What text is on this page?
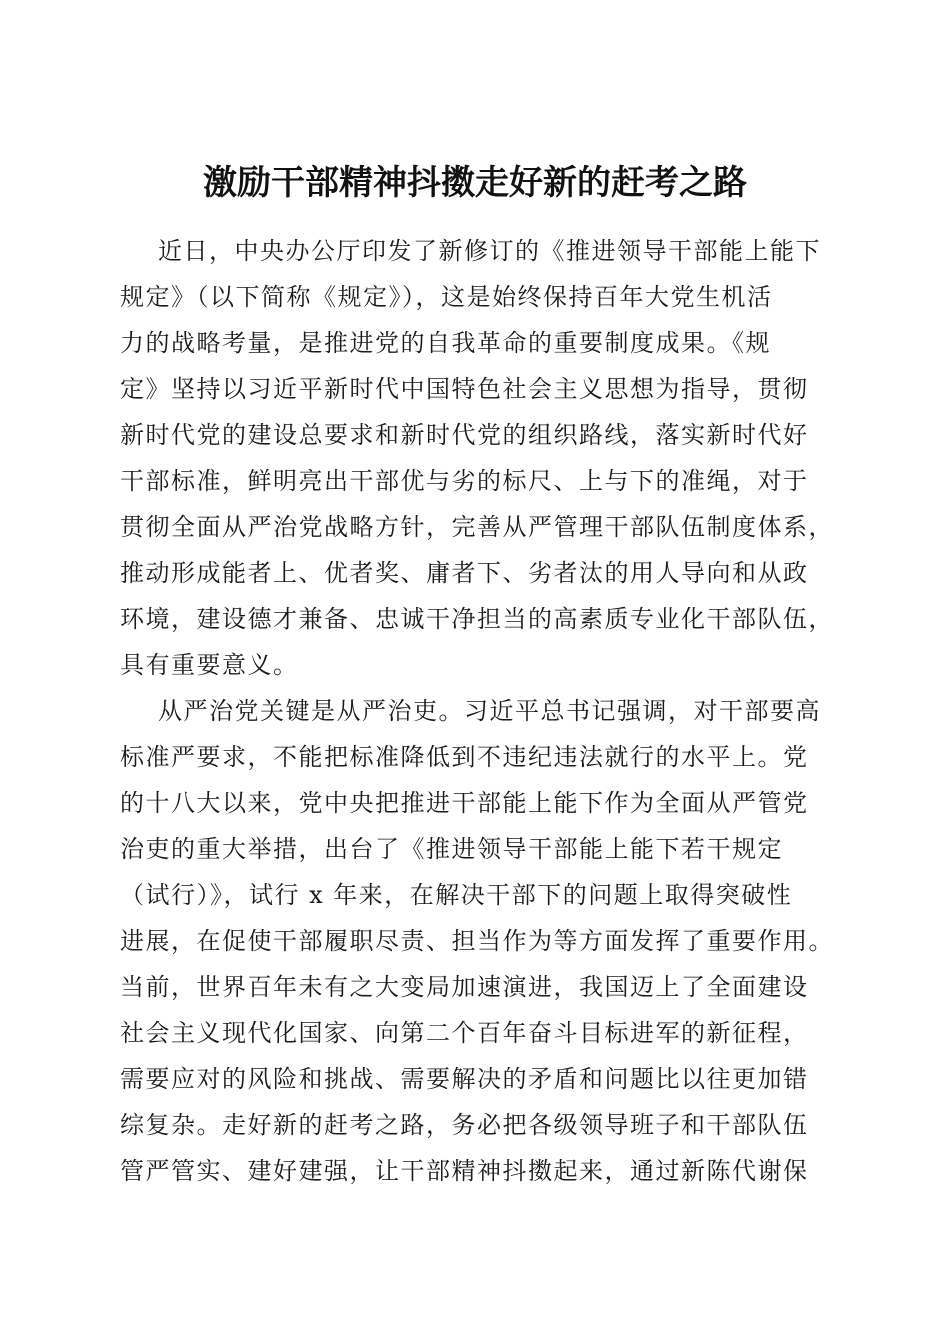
激励干部精神抖擞走好新的赶考之路
近日，中央办公厅印发了新修订的《推进领导干部能上能下
规定》（以下简称《规定》），这是始终保持百年大党生机活
力的战略考量，是推进党的自我革命的重要制度成果。《规
定》坚持以习近平新时代中国特色社会主义思想为指导，贯彻
新时代党的建设总要求和新时代党的组织路线，落实新时代好
干部标准，鲜明亮出干部优与劣的标尺、上与下的准绳，对于
贯彻全面从严治党战略方针，完善从严管理干部队伍制度体系，
推动形成能者上、优者奖、庸者下、劣者汰的用人导向和从政
环境，建设德才兼备、忠诚干净担当的高素质专业化干部队伍，
具有重要意义。
从严治党关键是从严治吏。习近平总书记强调，对干部要高
标准严要求，不能把标准降低到不违纪违法就行的水平上。党
的十八大以来，党中央把推进干部能上能下作为全面从严管党
治吏的重大举措，出台了《推进领导干部能上能下若干规定
（试行）》，试行 x 年来，在解决干部下的问题上取得突破性
进展，在促使干部履职尽责、担当作为等方面发挥了重要作用。
当前，世界百年未有之大变局加速演进，我国迈上了全面建设
社会主义现代化国家、向第二个百年奋斗目标进军的新征程，
需要应对的风险和挑战、需要解决的矛盾和问题比以往更加错
综复杂。走好新的赶考之路，务必把各级领导班子和干部队伍
管严管实、建好建强，让干部精神抖擞起来，通过新陈代谢保
